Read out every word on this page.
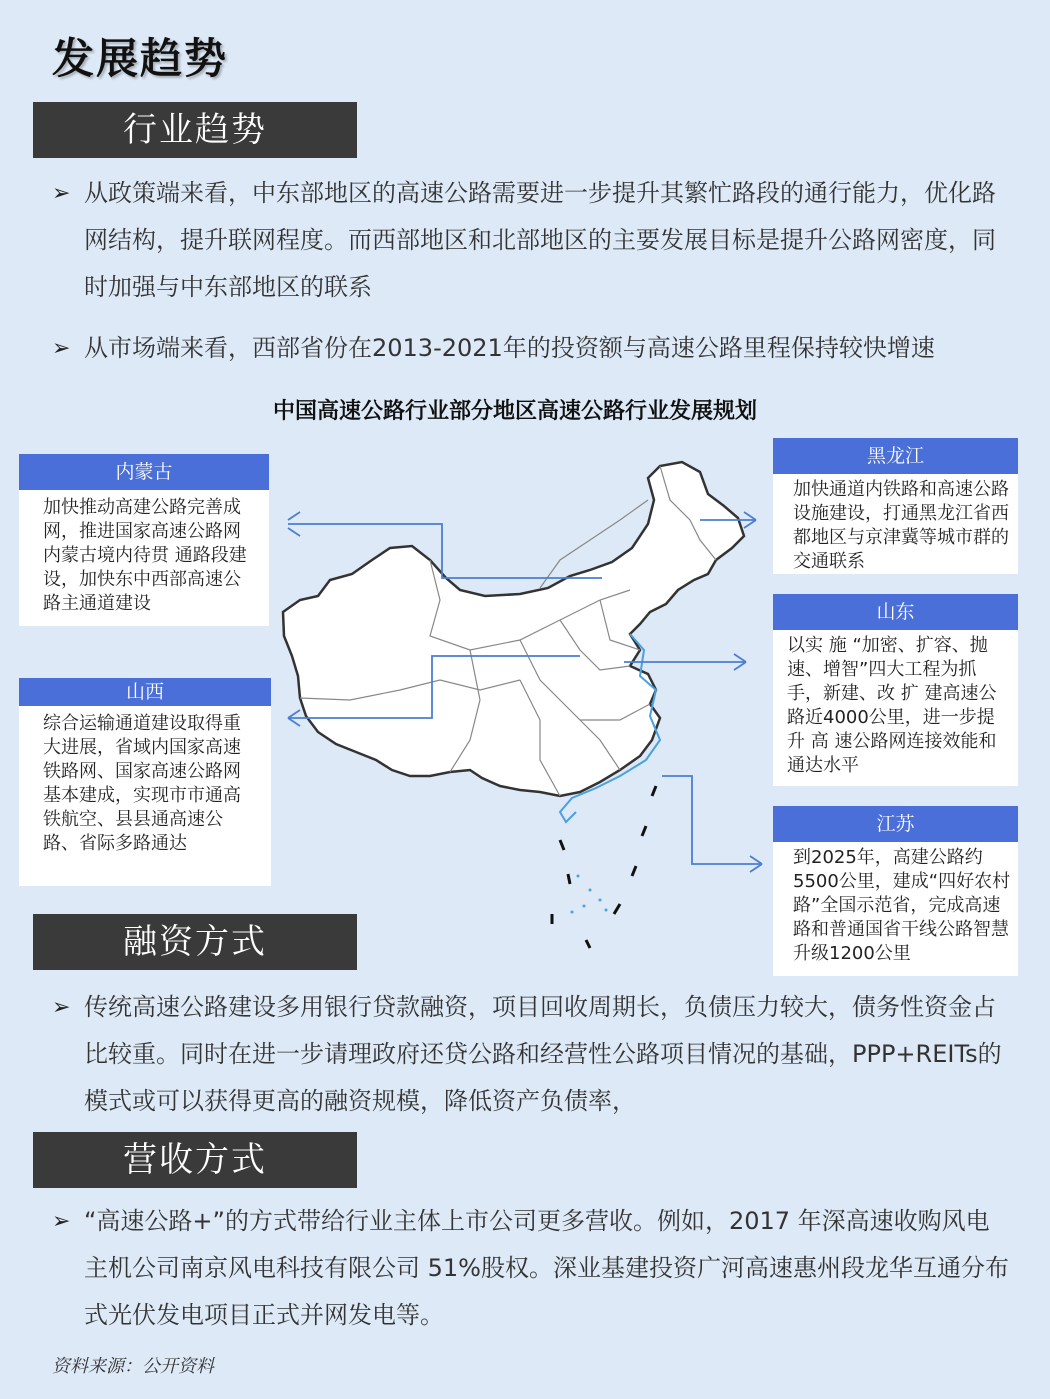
发展趋势
行业趋势
➢ 从政策端来看，中东部地区的高速公路需要进一步提升其繁忙路段的通行能力，优化路网结构，提升联网程度。而西部地区和北部地区的主要发展目标是提升公路网密度，同时加强与中东部地区的联系
➢ 从市场端来看，西部省份在2013-2021年的投资额与高速公路里程保持较快增速
中国高速公路行业部分地区高速公路行业发展规划
内蒙古
加快推动高建公路完善成网，推进国家高速公路网内蒙古境内待贯 通路段建设，加快东中西部高速公路主通道建设
山西
综合运输通道建设取得重大进展，省域内国家高速铁路网、国家高速公路网基本建成，实现市市通高铁航空、县县通高速公路、省际多路通达
黑龙江
加快通道内铁路和高速公路设施建设，打通黑龙江省西都地区与京津冀等城市群的交通联系
山东
以实 施 “加密、扩容、抛速、增智”四大工程为抓手，新建、改 扩 建高速公路近4000公里，进一步提升 高 速公路网连接效能和通达水平
江苏
到2025年，高建公路约5500公里，建成“四好农村路”全国示范省，完成高速路和普通国省干线公路智慧升级1200公里
融资方式
➢ 传统高速公路建设多用银行贷款融资，项目回收周期长，负债压力较大，债务性资金占比较重。同时在进一步请理政府还贷公路和经营性公路项目情况的基础，PPP+REITs的模式或可以获得更高的融资规模，降低资产负债率，
营收方式
➢ “高速公路+”的方式带给行业主体上市公司更多营收。例如，2017 年深高速收购风电主机公司南京风电科技有限公司 51%股权。深业基建投资广河高速惠州段龙华互通分布式光伏发电项目正式并网发电等。
资料来源：公开资料
